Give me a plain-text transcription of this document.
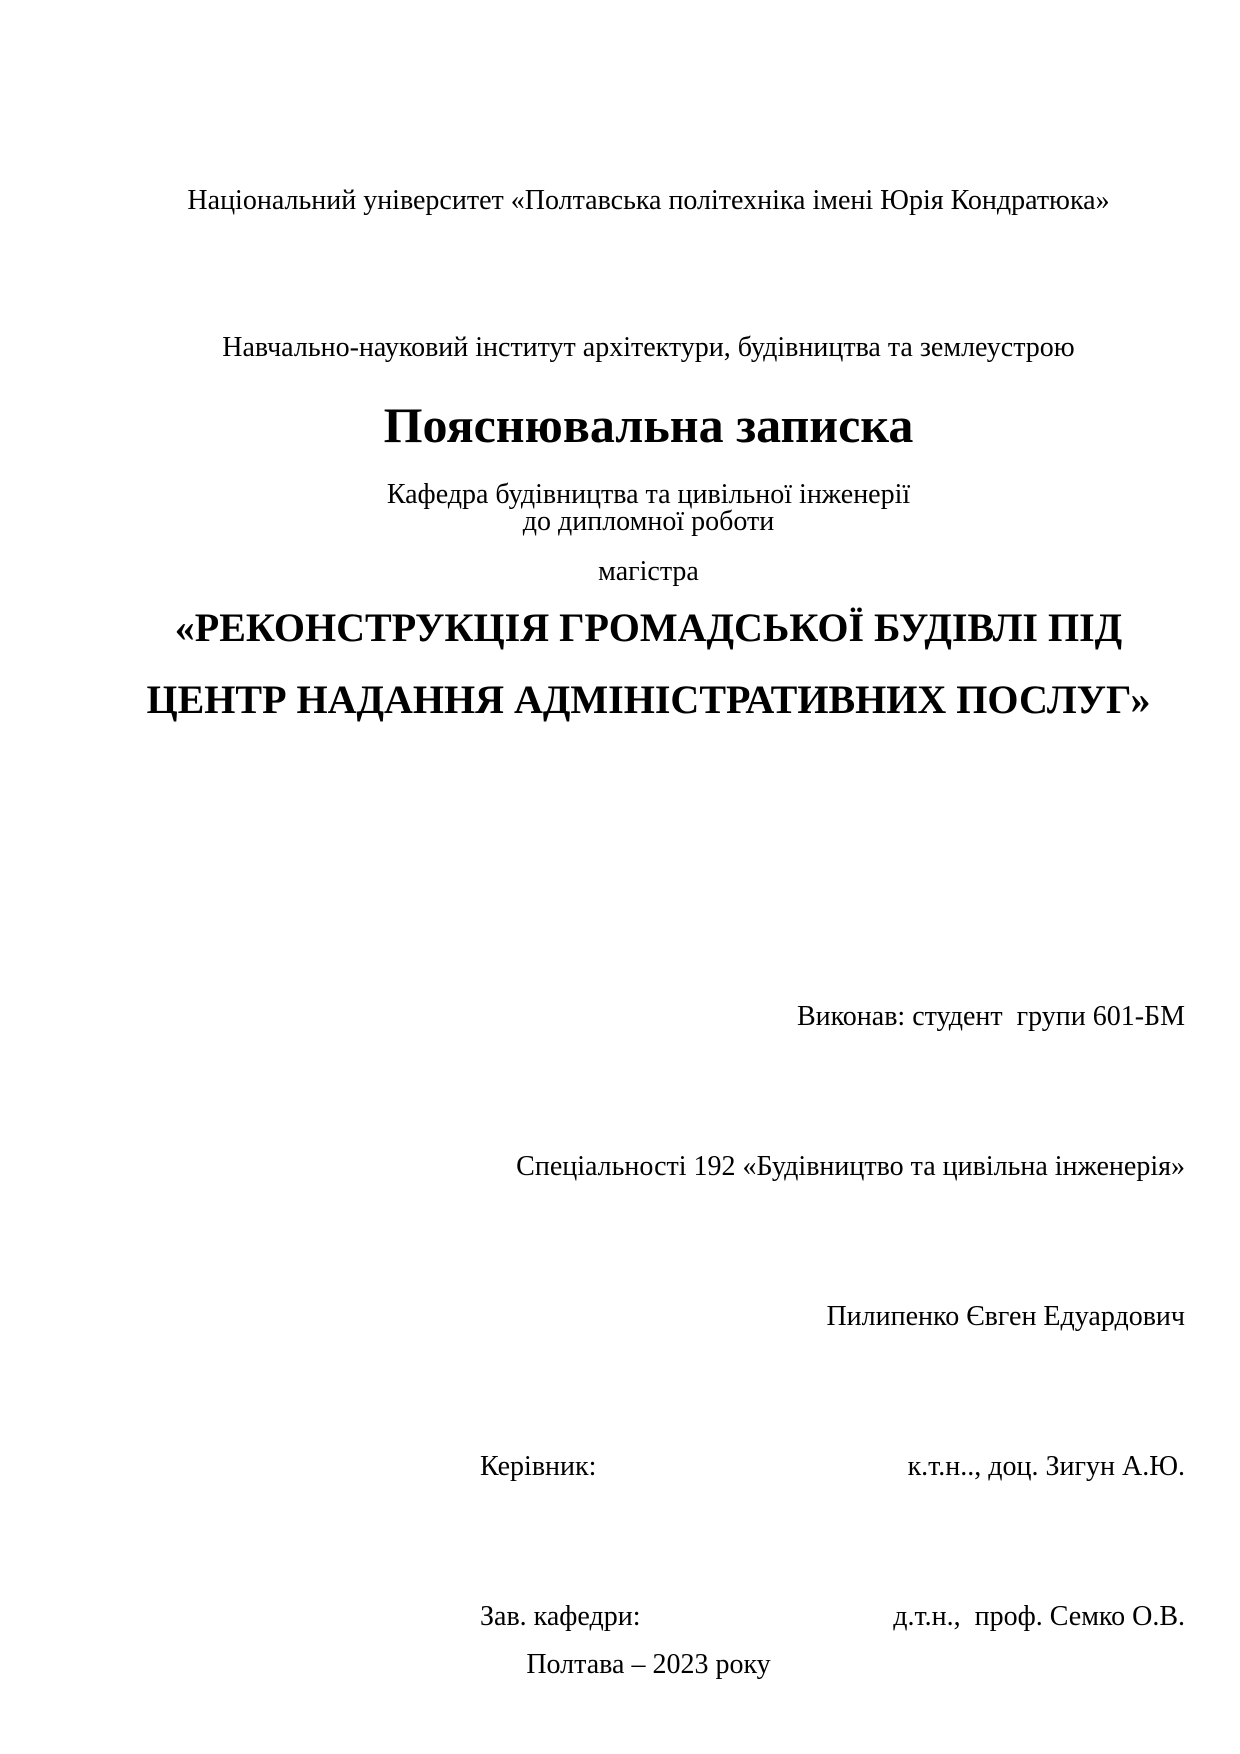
Національний університет «Полтавська політехніка імені Юрія Кондратюка»

Навчально-науковий інститут архітектури, будівництва та землеустрою

Кафедра будівництва та цивільної інженерії

Пояснювальна записка
до дипломної роботи
магістра
«РЕКОНСТРУКЦІЯ ГРОМАДСЬКОЇ БУДІВЛІ ПІД
ЦЕНТР НАДАННЯ АДМІНІСТРАТИВНИХ ПОСЛУГ»

Виконав: студент  групи 601-БМ

Спеціальності 192 «Будівництво та цивільна інженерія»

Пилипенко Євген Едуардович

Керівник:	к.т.н.., доц. Зигун А.Ю.

Зав. кафедри:	д.т.н.,  проф. Семко О.В.

Полтава – 2023 року
